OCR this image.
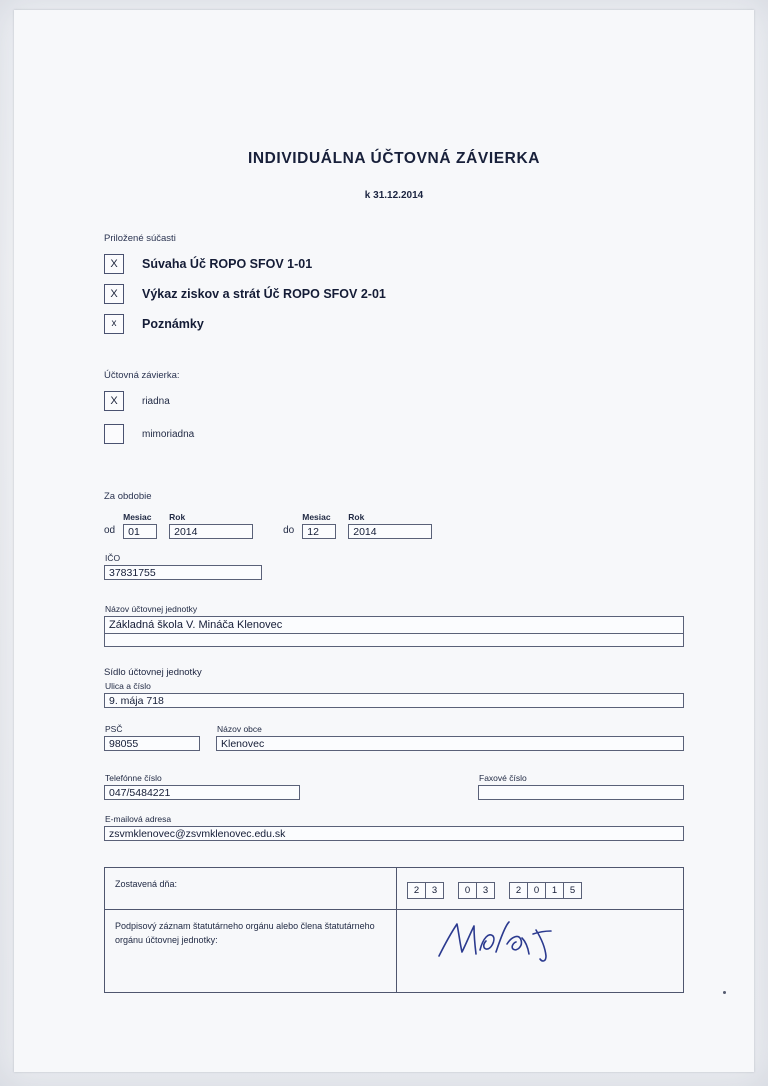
INDIVIDUÁLNA ÚČTOVNÁ ZÁVIERKA
k 31.12.2014
Priložené súčasti
X	Súvaha Úč ROPO SFOV 1-01
X	Výkaz ziskov a strát Úč ROPO SFOV 2-01
x	Poznámky
Účtovná závierka:
X	riadna
mimoriadna
Za obdobie
od
Mesiac
01
Rok
2014	do
Mesiac
12
Rok
2014
IČO
37831755
Názov účtovnej jednotky
Základná škola V. Mináča Klenovec
Sídlo účtovnej jednotky
Ulica a číslo
9. mája 718
PSČ
98055
Názov obce
Klenovec
Telefónne číslo
047/5484221
Faxové číslo
E-mailová adresa
zsvmklenovec@zsvmklenovec.edu.sk
Zostavená dňa:	
2	3	0	3	2	0	1	5

Podpisový záznam štatutárneho orgánu alebo člena štatutárneho orgánu účtovnej jednotky:	
